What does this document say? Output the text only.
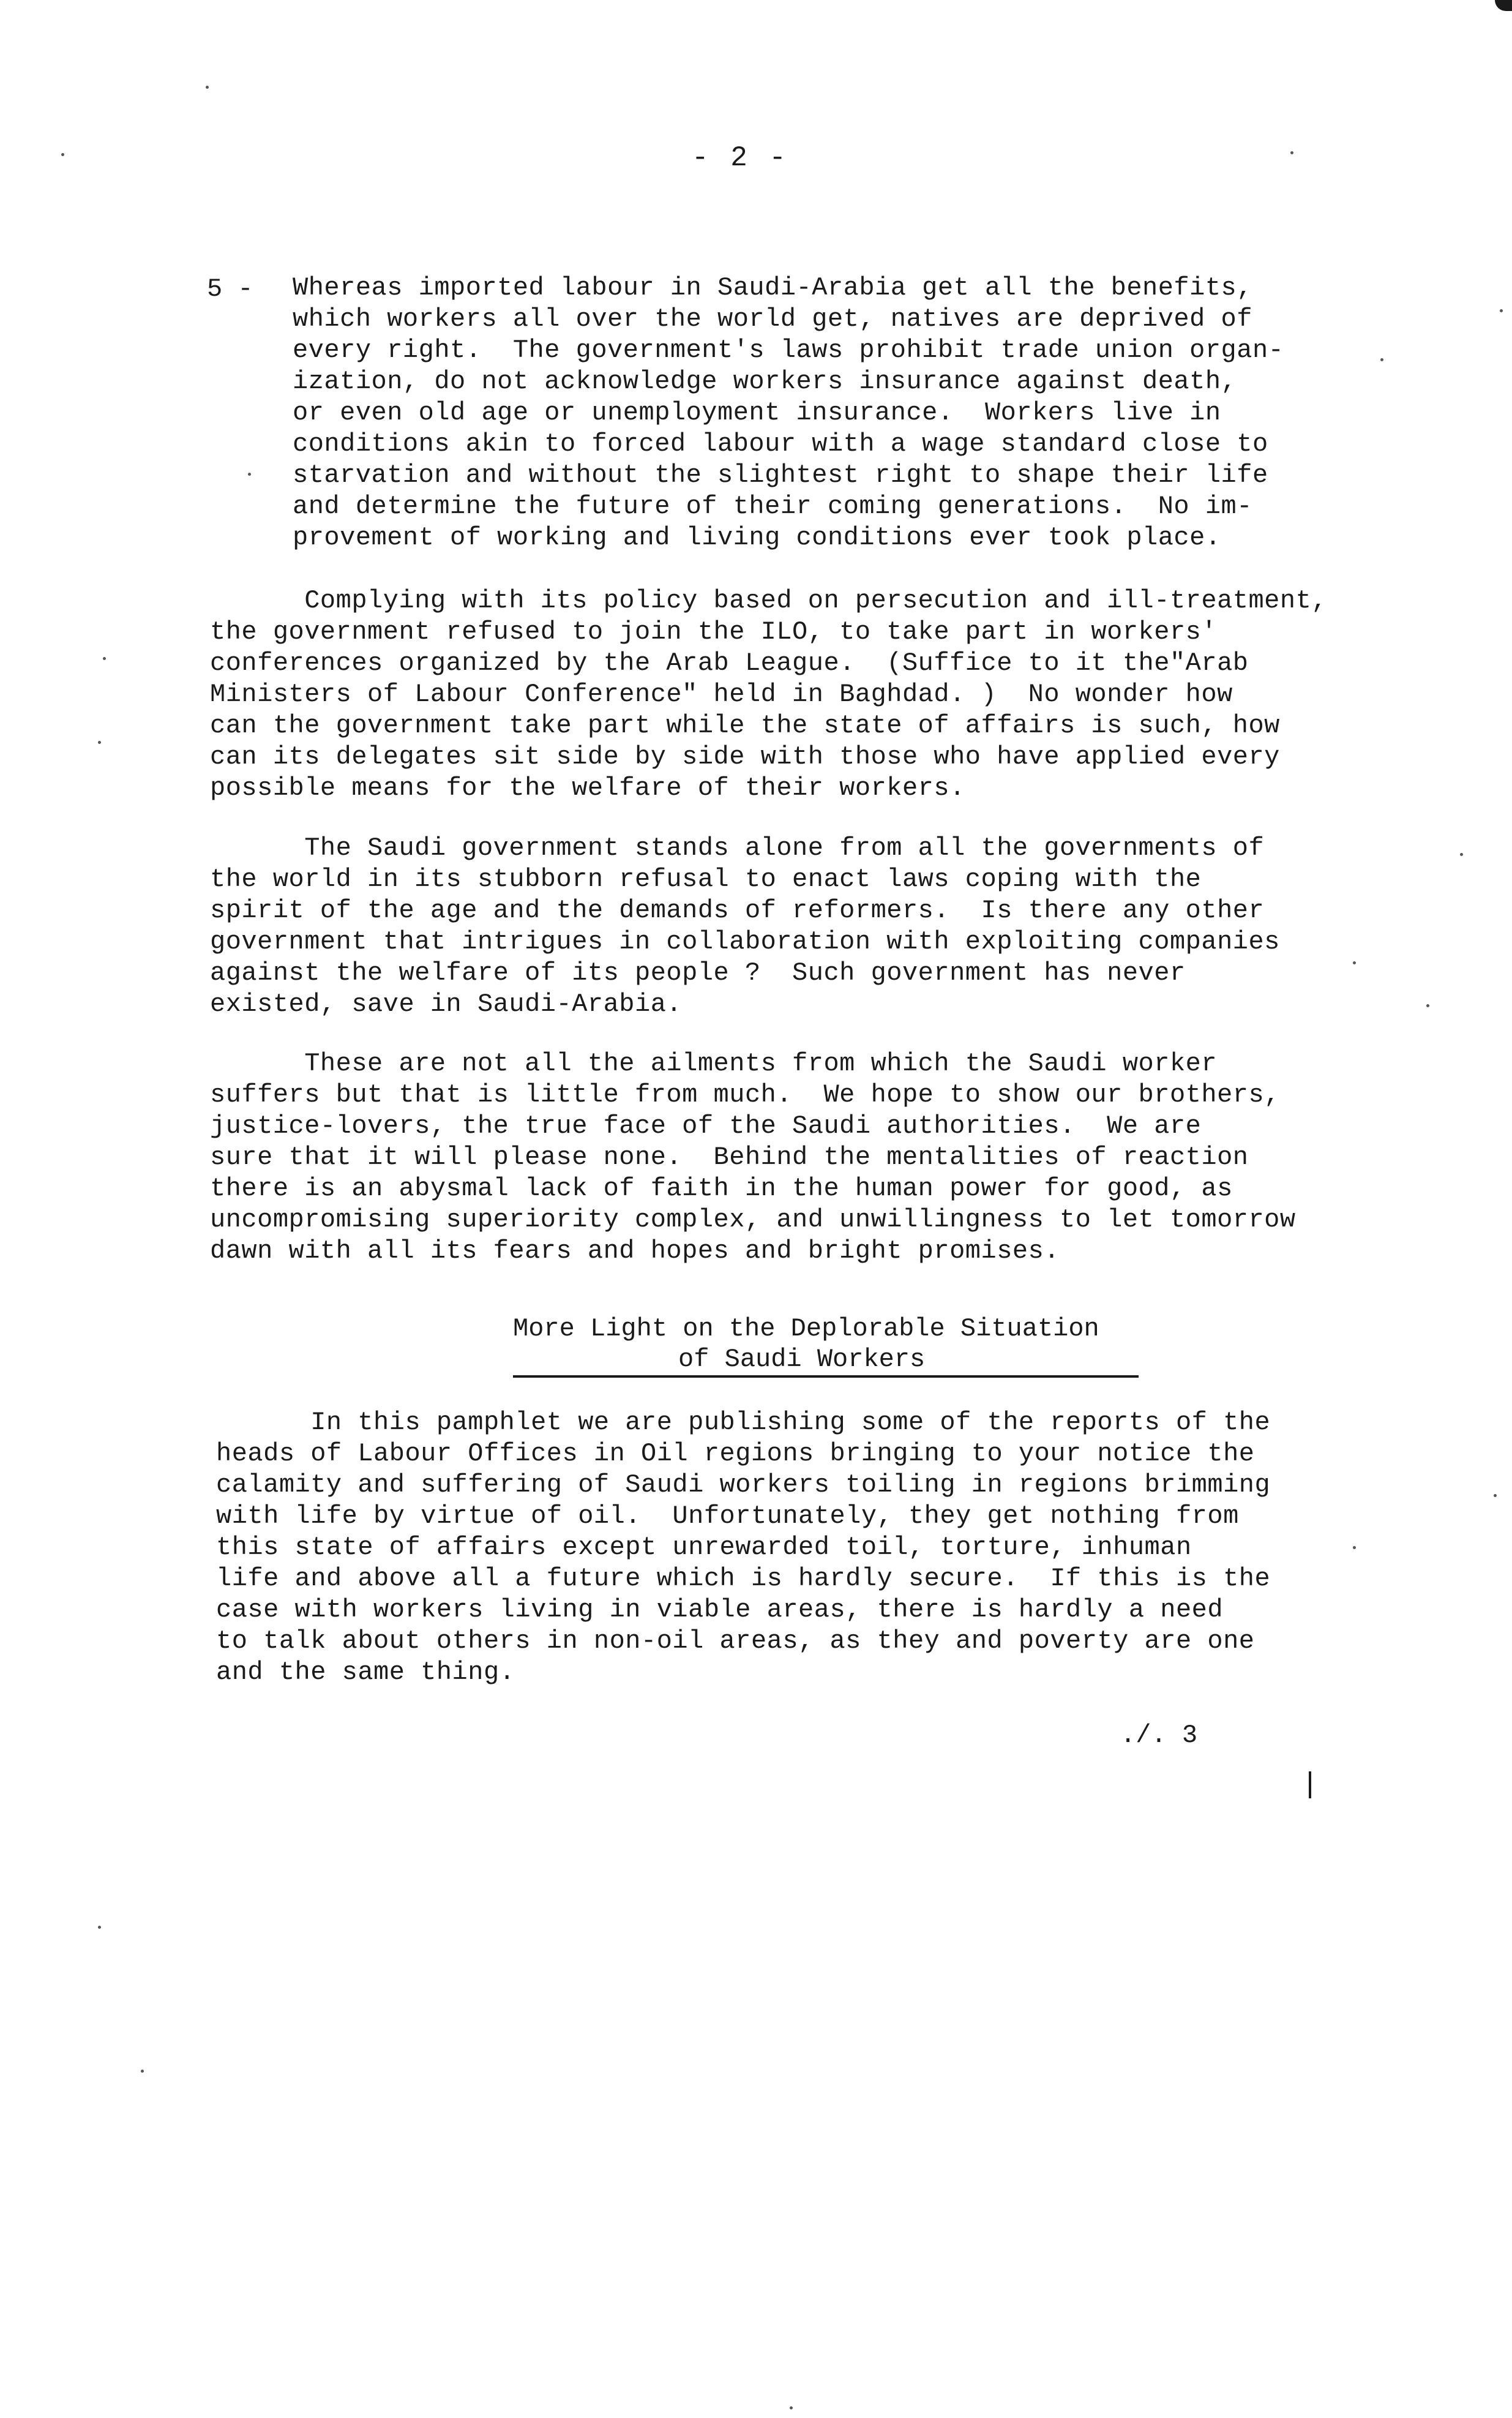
- 2 -
5 - Whereas imported labour in Saudi-Arabia get all the benefits,
which workers all over the world get, natives are deprived of
every right.  The government's laws prohibit trade union organ-
ization, do not acknowledge workers insurance against death,
or even old age or unemployment insurance.  Workers live in
conditions akin to forced labour with a wage standard close to
starvation and without the slightest right to shape their life
and determine the future of their coming generations.  No im-
provement of working and living conditions ever took place.
Complying with its policy based on persecution and ill-treatment,
the government refused to join the ILO, to take part in workers'
conferences organized by the Arab League.  (Suffice to it the"Arab
Ministers of Labour Conference" held in Baghdad. )  No wonder how
can the government take part while the state of affairs is such, how
can its delegates sit side by side with those who have applied every
possible means for the welfare of their workers.
The Saudi government stands alone from all the governments of
the world in its stubborn refusal to enact laws coping with the
spirit of the age and the demands of reformers.  Is there any other
government that intrigues in collaboration with exploiting companies
against the welfare of its people ?  Such government has never
existed, save in Saudi-Arabia.
These are not all the ailments from which the Saudi worker
suffers but that is little from much.  We hope to show our brothers,
justice-lovers, the true face of the Saudi authorities.  We are
sure that it will please none.  Behind the mentalities of reaction
there is an abysmal lack of faith in the human power for good, as
uncompromising superiority complex, and unwillingness to let tomorrow
dawn with all its fears and hopes and bright promises.
More Light on the Deplorable Situation
of Saudi Workers
In this pamphlet we are publishing some of the reports of the
heads of Labour Offices in Oil regions bringing to your notice the
calamity and suffering of Saudi workers toiling in regions brimming
with life by virtue of oil.  Unfortunately, they get nothing from
this state of affairs except unrewarded toil, torture, inhuman
life and above all a future which is hardly secure.  If this is the
case with workers living in viable areas, there is hardly a need
to talk about others in non-oil areas, as they and poverty are one
and the same thing.
./. 3
